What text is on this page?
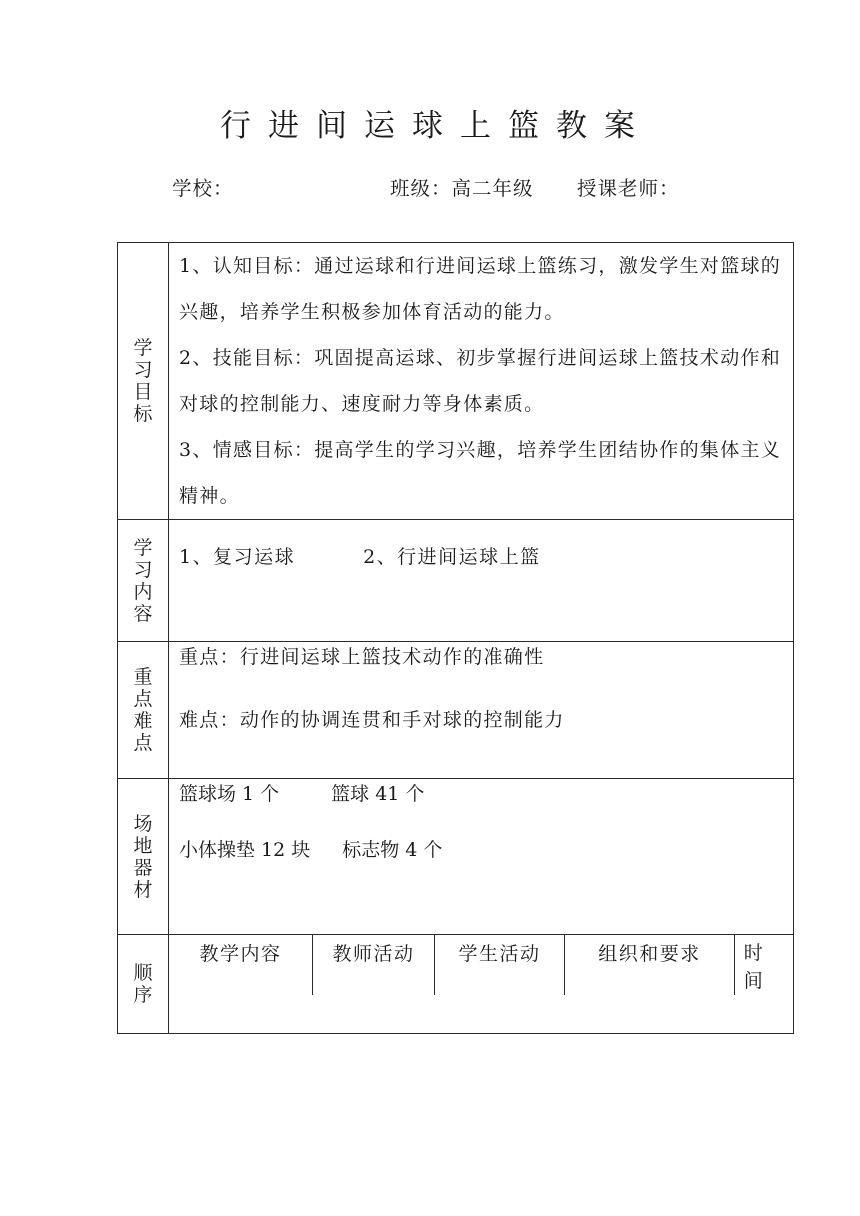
行进间运球上篮教案
学校：	班级：高二年级 授课老师：
学习目标	
1、认知目标：通过运球和行进间运球上篮练习，激发学生对篮球的兴趣，培养学生积极参加体育活动的能力。
2、技能目标：巩固提高运球、初步掌握行进间运球上篮技术动作和对球的控制能力、速度耐力等身体素质。
3、情感目标：提高学生的学习兴趣，培养学生团结协作的集体主义精神。

学习内容	
1、复习运球	2、行进间运球上篮

重点难点	
重点：行进间运球上篮技术动作的准确性
难点：动作的协调连贯和手对球的控制能力

场地器材	
篮球场 1 个	篮球 41 个
小体操垫 12 块 标志物 4 个

顺序	
教学内容	教师活动	学生活动	组织和要求	时间
